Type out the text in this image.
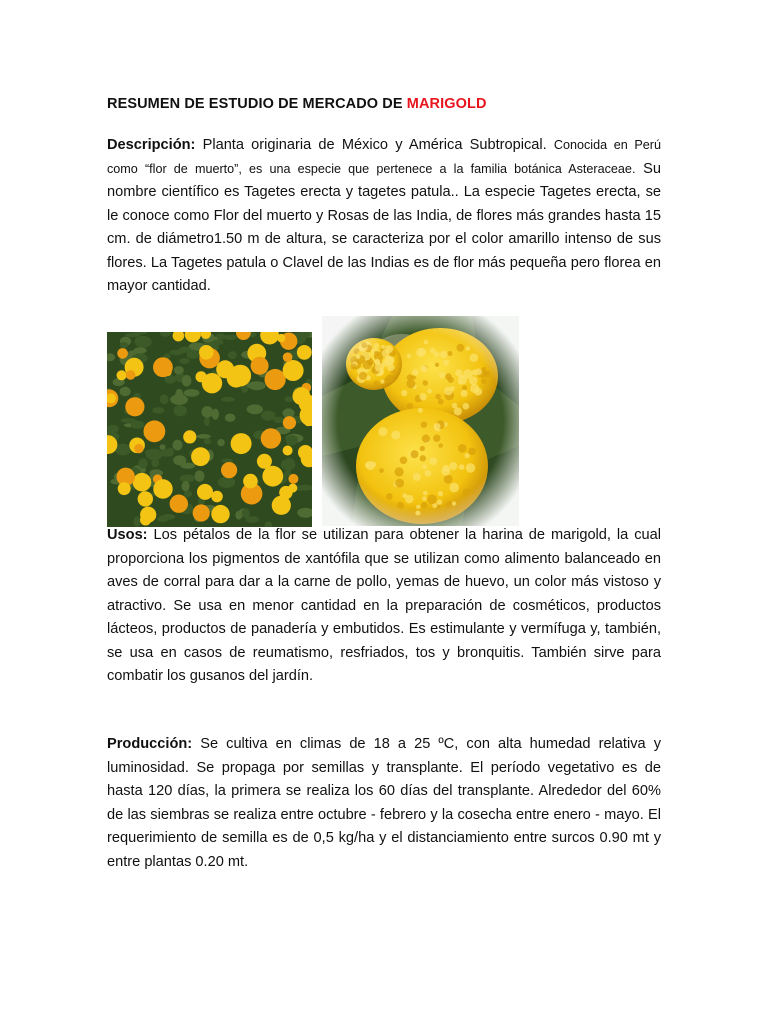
RESUMEN DE ESTUDIO DE MERCADO DE MARIGOLD

Descripción: Planta originaria de México y América Subtropical. Conocida en Perú como “flor de muerto”, es una especie que pertenece a la familia botánica Asteraceae. Su nombre científico es Tagetes erecta y tagetes patula.. La especie Tagetes erecta, se le conoce como Flor del muerto y Rosas de las India, de flores más grandes hasta 15 cm. de diámetro1.50 m de altura, se caracteriza por el color amarillo intenso de sus flores. La Tagetes patula o Clavel de las Indias es de flor más pequeña pero florea en mayor cantidad.

Usos: Los pétalos de la flor se utilizan para obtener la harina de marigold, la cual proporciona los pigmentos de xantófila que se utilizan como alimento balanceado en aves de corral para dar a la carne de pollo, yemas de huevo, un color más vistoso y atractivo. Se usa en menor cantidad en la preparación de cosméticos, productos lácteos, productos de panadería y embutidos. Es estimulante y vermífuga y, también, se usa en casos de reumatismo, resfriados, tos y bronquitis. También sirve para combatir los gusanos del jardín.

Producción: Se cultiva en climas de 18 a 25 ºC, con alta humedad relativa y luminosidad. Se propaga por semillas y transplante. El período vegetativo es de hasta 120 días, la primera se realiza los 60 días del transplante. Alrededor del 60% de las siembras se realiza entre octubre - febrero y la cosecha entre enero - mayo. El requerimiento de semilla es de 0,5 kg/ha y el distanciamiento entre surcos 0.90 mt y entre plantas 0.20 mt.
